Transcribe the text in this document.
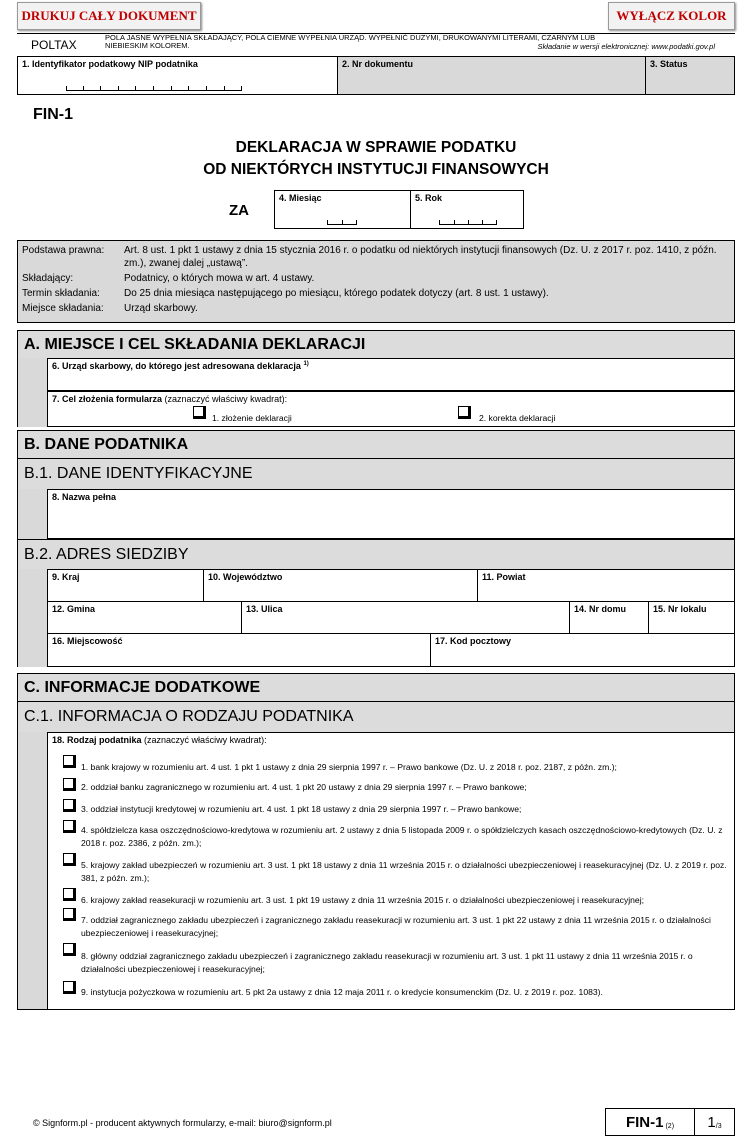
DRUKUJ CAŁY DOKUMENT	WYŁĄCZ KOLOR
POLTAX
POLA JASNE WYPEŁNIA SKŁADAJĄCY, POLA CIEMNE WYPEŁNIA URZĄD. WYPEŁNIĆ DUŻYMI, DRUKOWANYMI LITERAMI, CZARNYM LUB NIEBIESKIM KOLOREM.	Składanie w wersji elektronicznej: www.podatki.gov.pl
1. Identyfikator podatkowy NIP podatnika	2. Nr dokumentu	3. Status
FIN-1
DEKLARACJA W SPRAWIE PODATKU
OD NIEKTÓRYCH INSTYTUCJI FINANSOWYCH
ZA
4. Miesiąc	5. Rok
Podstawa prawna:	Art. 8 ust. 1 pkt 1 ustawy z dnia 15 stycznia 2016 r. o podatku od niektórych instytucji finansowych (Dz. U. z 2017 r. poz. 1410, z późn. zm.), zwanej dalej „ustawą”.
Składający:	Podatnicy, o których mowa w art. 4 ustawy.
Termin składania:	Do 25 dnia miesiąca następującego po miesiącu, którego podatek dotyczy (art. 8 ust. 1 ustawy).
Miejsce składania:	Urząd skarbowy.
A. MIEJSCE I CEL SKŁADANIA DEKLARACJI
6. Urząd skarbowy, do którego jest adresowana deklaracja $^{1)}$
7. Cel złożenia formularza (zaznaczyć właściwy kwadrat):
1. złożenie deklaracji	2. korekta deklaracji
B. DANE PODATNIKA
B.1. DANE IDENTYFIKACYJNE
8. Nazwa pełna
B.2. ADRES SIEDZIBY
9. Kraj	10. Województwo	11. Powiat
12. Gmina	13. Ulica	14. Nr domu	15. Nr lokalu
16. Miejscowość	17. Kod pocztowy
C. INFORMACJE DODATKOWE
C.1. INFORMACJA O RODZAJU PODATNIKA
18. Rodzaj podatnika (zaznaczyć właściwy kwadrat):
1. bank krajowy w rozumieniu art. 4 ust. 1 pkt 1 ustawy z dnia 29 sierpnia 1997 r. – Prawo bankowe (Dz. U. z 2018 r. poz. 2187, z późn. zm.);
2. oddział banku zagranicznego w rozumieniu art. 4 ust. 1 pkt 20 ustawy z dnia 29 sierpnia 1997 r. – Prawo bankowe;
3. oddział instytucji kredytowej w rozumieniu art. 4 ust. 1 pkt 18 ustawy z dnia 29 sierpnia 1997 r. – Prawo bankowe;
4. spółdzielcza kasa oszczędnościowo-kredytowa w rozumieniu art. 2 ustawy z dnia 5 listopada 2009 r. o spółdzielczych kasach oszczędnościowo-kredytowych (Dz. U. z 2018 r. poz. 2386, z późn. zm.);
5. krajowy zakład ubezpieczeń w rozumieniu art. 3 ust. 1 pkt 18 ustawy z dnia 11 września 2015 r. o działalności ubezpieczeniowej i reasekuracyjnej (Dz. U. z 2019 r. poz. 381, z późn. zm.);
6. krajowy zakład reasekuracji w rozumieniu art. 3 ust. 1 pkt 19 ustawy z dnia 11 września 2015 r. o działalności ubezpieczeniowej i reasekuracyjnej;
7. oddział zagranicznego zakładu ubezpieczeń i zagranicznego zakładu reasekuracji w rozumieniu art. 3 ust. 1 pkt 22 ustawy z dnia 11 września 2015 r. o działalności ubezpieczeniowej i reasekuracyjnej;
8. główny oddział zagranicznego zakładu ubezpieczeń i zagranicznego zakładu reasekuracji w rozumieniu art. 3 ust. 1 pkt 11 ustawy z dnia 11 września 2015 r. o działalności ubezpieczeniowej i reasekuracyjnej;
9. instytucja pożyczkowa w rozumieniu art. 5 pkt 2a ustawy z dnia 12 maja 2011 r. o kredycie konsumenckim (Dz. U. z 2019 r. poz. 1083).
© Signform.pl - producent aktywnych formularzy, e-mail: biuro@signform.pl	FIN-1 (2) 1 /3
